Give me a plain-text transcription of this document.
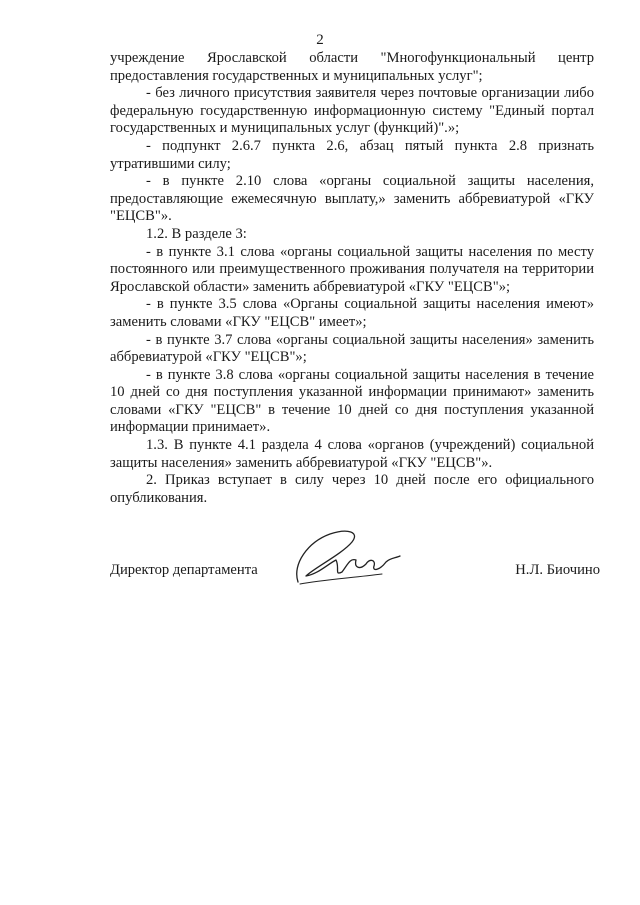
2

учреждение Ярославской области "Многофункциональный центр предоставления государственных и муниципальных услуг";

- без личного присутствия заявителя через почтовые организации либо федеральную государственную информационную систему "Единый портал государственных и муниципальных услуг (функций)".»;

- подпункт 2.6.7 пункта 2.6, абзац пятый пункта 2.8 признать утратившими силу;

- в пункте 2.10 слова «органы социальной защиты населения, предоставляющие ежемесячную выплату,» заменить аббревиатурой «ГКУ "ЕЦСВ"».

1.2. В разделе 3:

- в пункте 3.1 слова «органы социальной защиты населения по месту постоянного или преимущественного проживания получателя на территории Ярославской области» заменить аббревиатурой «ГКУ "ЕЦСВ"»;

- в пункте 3.5 слова «Органы социальной защиты населения имеют» заменить словами «ГКУ "ЕЦСВ" имеет»;

- в пункте 3.7 слова «органы социальной защиты населения» заменить аббревиатурой «ГКУ "ЕЦСВ"»;

- в пункте 3.8 слова «органы социальной защиты населения в течение 10 дней со дня поступления указанной информации принимают» заменить словами «ГКУ "ЕЦСВ" в течение 10 дней со дня поступления указанной информации принимает».

1.3. В пункте 4.1 раздела 4 слова «органов (учреждений) социальной защиты населения» заменить аббревиатурой «ГКУ "ЕЦСВ"».

2. Приказ вступает в силу через 10 дней после его официального опубликования.

Директор департамента	Н.Л. Биочино
